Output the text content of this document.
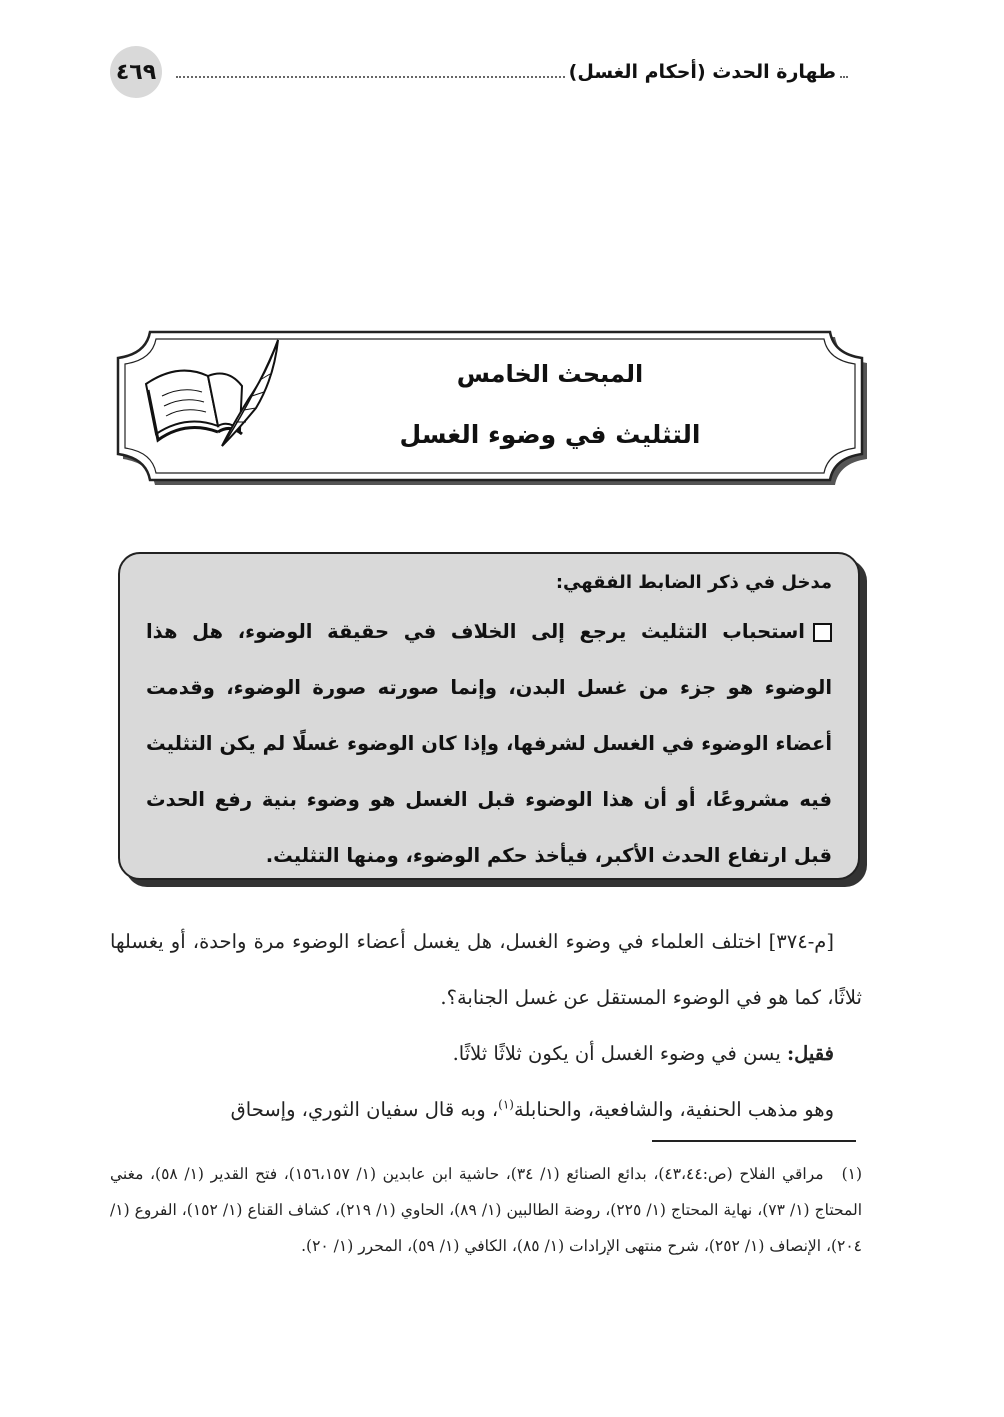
٤٦٩	طهارة الحدث (أحكام الغسل)
المبحث الخامس
التثليث في وضوء الغسل
مدخل في ذكر الضابط الفقهي:
استحباب التثليث يرجع إلى الخلاف في حقيقة الوضوء، هل هذا الوضوء هو جزء من غسل البدن، وإنما صورته صورة الوضوء، وقدمت أعضاء الوضوء في الغسل لشرفها، وإذا كان الوضوء غسلًا لم يكن التثليث فيه مشروعًا، أو أن هذا الوضوء قبل الغسل هو وضوء بنية رفع الحدث قبل ارتفاع الحدث الأكبر، فيأخذ حكم الوضوء، ومنها التثليث.

[م-٣٧٤] اختلف العلماء في وضوء الغسل، هل يغسل أعضاء الوضوء مرة واحدة، أو يغسلها ثلاثًا، كما هو في الوضوء المستقل عن غسل الجنابة؟.

فقيل: يسن في وضوء الغسل أن يكون ثلاثًا ثلاثًا.

وهو مذهب الحنفية، والشافعية، والحنابلة$^{(١)}$، وبه قال سفيان الثوري، وإسحاق

(١)مراقي الفلاح (ص:٤٣،٤٤)، بدائع الصنائع (١/ ٣٤)، حاشية ابن عابدين (١/ ١٥٦،١٥٧)، فتح القدير (١/ ٥٨)، مغني المحتاج (١/ ٧٣)، نهاية المحتاج (١/ ٢٢٥)، روضة الطالبين (١/ ٨٩)، الحاوي (١/ ٢١٩)، كشاف القناع (١/ ١٥٢)، الفروع (١/ ٢٠٤)، الإنصاف (١/ ٢٥٢)، شرح منتهى الإرادات (١/ ٨٥)، الكافي (١/ ٥٩)، المحرر (١/ ٢٠).
